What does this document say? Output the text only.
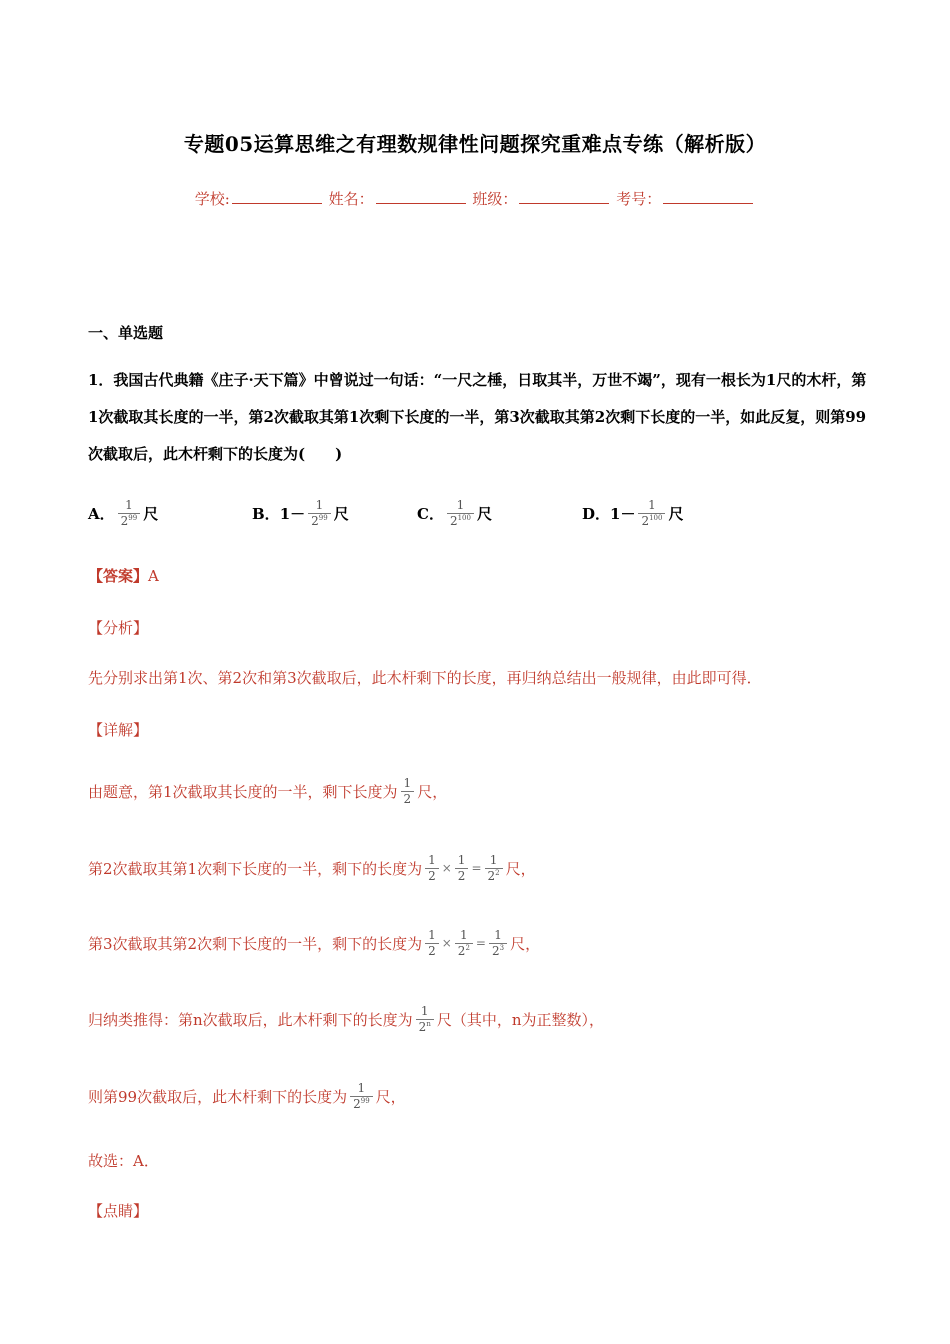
专题05运算思维之有理数规律性问题探究重难点专练（解析版）
学校:	姓名：	班级：	考号：
一、单选题
1．我国古代典籍《庄子·天下篇》中曾说过一句话：“一尺之棰，日取其半，万世不竭”，现有一根长为1尺的木杆，第1次截取其长度的一半，第2次截取其第1次剩下长度的一半，第3次截取其第2次剩下长度的一半，如此反复，则第99次截取后，此木杆剩下的长度为(　　)
A． $\frac{1}{2^{99}}$ 尺	B． $1- \frac{1}{2^{99}}$ 尺	C． $\frac{1}{2^{100}}$ 尺	D． $1- \frac{1}{2^{100}}$ 尺
【答案】 A
【分析】
先分别求出第1次、第2次和第3次截取后，此木杆剩下的长度，再归纳总结出一般规律，由此即可得．
【详解】
由题意，第1次截取其长度的一半，剩下长度为 $\frac{1}{2}$ 尺，
第2次截取其第1次剩下长度的一半，剩下的长度为 $\frac{1}{2} \times \frac{1}{2} = \frac{1}{2^2}$ 尺，
第3次截取其第2次剩下长度的一半，剩下的长度为 $\frac{1}{2} \times \frac{1}{2^2} = \frac{1}{2^3}$ 尺，
归纳类推得：第n次截取后，此木杆剩下的长度为 $\frac{1}{2^n}$ 尺（其中，n为正整数），
则第99次截取后，此木杆剩下的长度为 $\frac{1}{2^{99}}$ 尺，
故选：A．
【点睛】
